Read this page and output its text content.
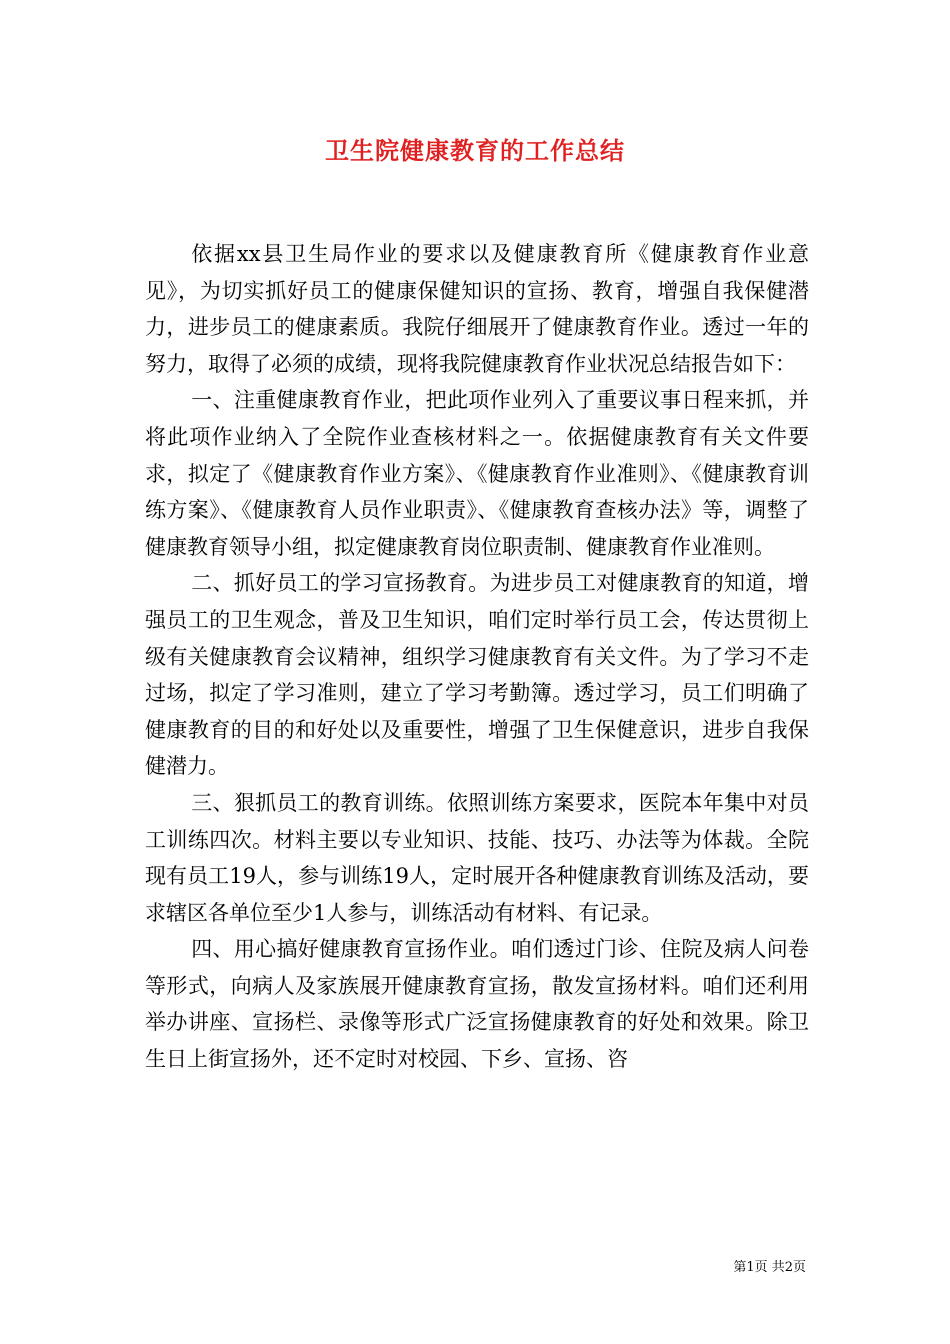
卫生院健康教育的工作总结

依据xx县卫生局作业的要求以及健康教育所《健康教育作业意见》，为切实抓好员工的健康保健知识的宣扬、教育，增强自我保健潜力，进步员工的健康素质。我院仔细展开了健康教育作业。透过一年的努力，取得了必须的成绩，现将我院健康教育作业状况总结报告如下：

一、注重健康教育作业，把此项作业列入了重要议事日程来抓，并将此项作业纳入了全院作业查核材料之一。依据健康教育有关文件要求，拟定了《健康教育作业方案》、《健康教育作业准则》、《健康教育训练方案》、《健康教育人员作业职责》、《健康教育查核办法》等，调整了健康教育领导小组，拟定健康教育岗位职责制、健康教育作业准则。

二、抓好员工的学习宣扬教育。为进步员工对健康教育的知道，增强员工的卫生观念，普及卫生知识，咱们定时举行员工会，传达贯彻上级有关健康教育会议精神，组织学习健康教育有关文件。为了学习不走过场，拟定了学习准则，建立了学习考勤簿。透过学习，员工们明确了健康教育的目的和好处以及重要性，增强了卫生保健意识，进步自我保健潜力。

三、狠抓员工的教育训练。依照训练方案要求，医院本年集中对员工训练四次。材料主要以专业知识、技能、技巧、办法等为体裁。全院现有员工19人，参与训练19人，定时展开各种健康教育训练及活动，要求辖区各单位至少1人参与，训练活动有材料、有记录。

四、用心搞好健康教育宣扬作业。咱们透过门诊、住院及病人问卷等形式，向病人及家族展开健康教育宣扬，散发宣扬材料。咱们还利用举办讲座、宣扬栏、录像等形式广泛宣扬健康教育的好处和效果。除卫生日上街宣扬外，还不定时对校园、下乡、宣扬、咨

第1页 共2页
